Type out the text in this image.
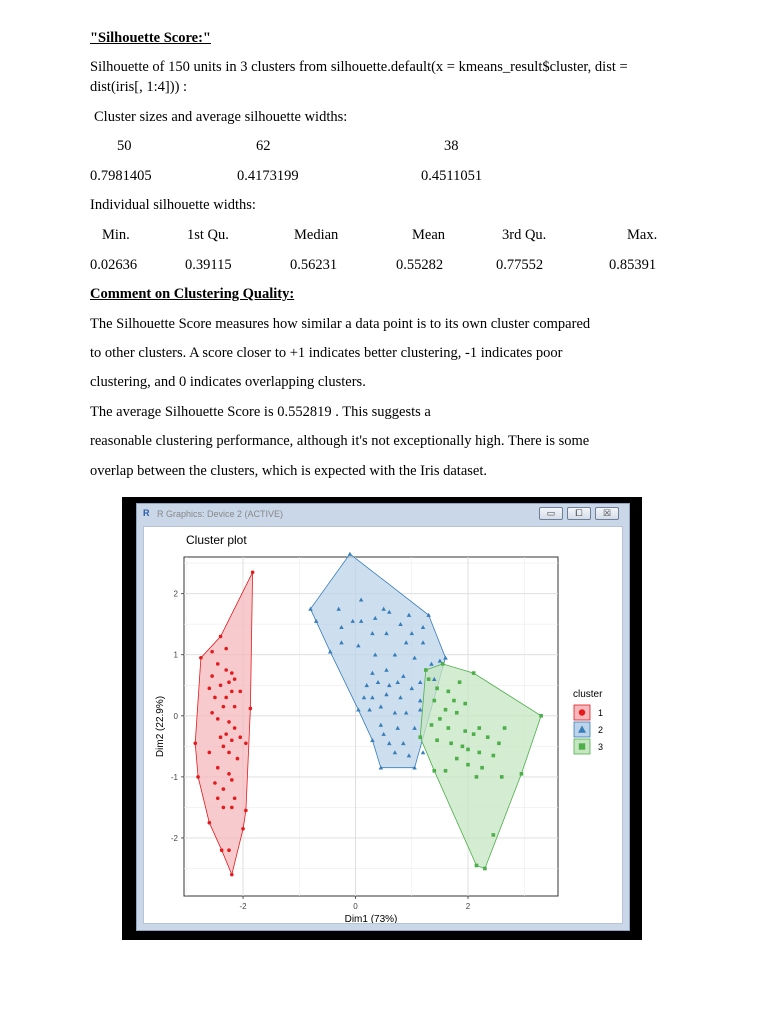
"Silhouette Score:"
Silhouette of 150 units in 3 clusters from silhouette.default(x = kmeans_result$cluster, dist =
dist(iris[, 1:4])) :
Cluster sizes and average silhouette widths:
50	62	38
0.7981405	0.4173199	0.4511051
Individual silhouette widths:
Min.	1st Qu.	Median	Mean	3rd Qu.	Max.
0.02636	0.39115	0.56231	0.55282	0.77552	0.85391
Comment on Clustering Quality:
The Silhouette Score measures how similar a data point is to its own cluster compared
to other clusters. A score closer to +1 indicates better clustering, -1 indicates poor
clustering, and 0 indicates overlapping clusters.
The average Silhouette Score is 0.552819 . This suggests a
reasonable clustering performance, although it's not exceptionally high. There is some
overlap between the clusters, which is expected with the Iris dataset.
R R Graphics: Device 2 (ACTIVE)	▭	⧠	☒
Cluster plot
-2	0	2
-2
-1
0
1
2
Dim1 (73%)
Dim2 (22.9%)
cluster
1
2
3
